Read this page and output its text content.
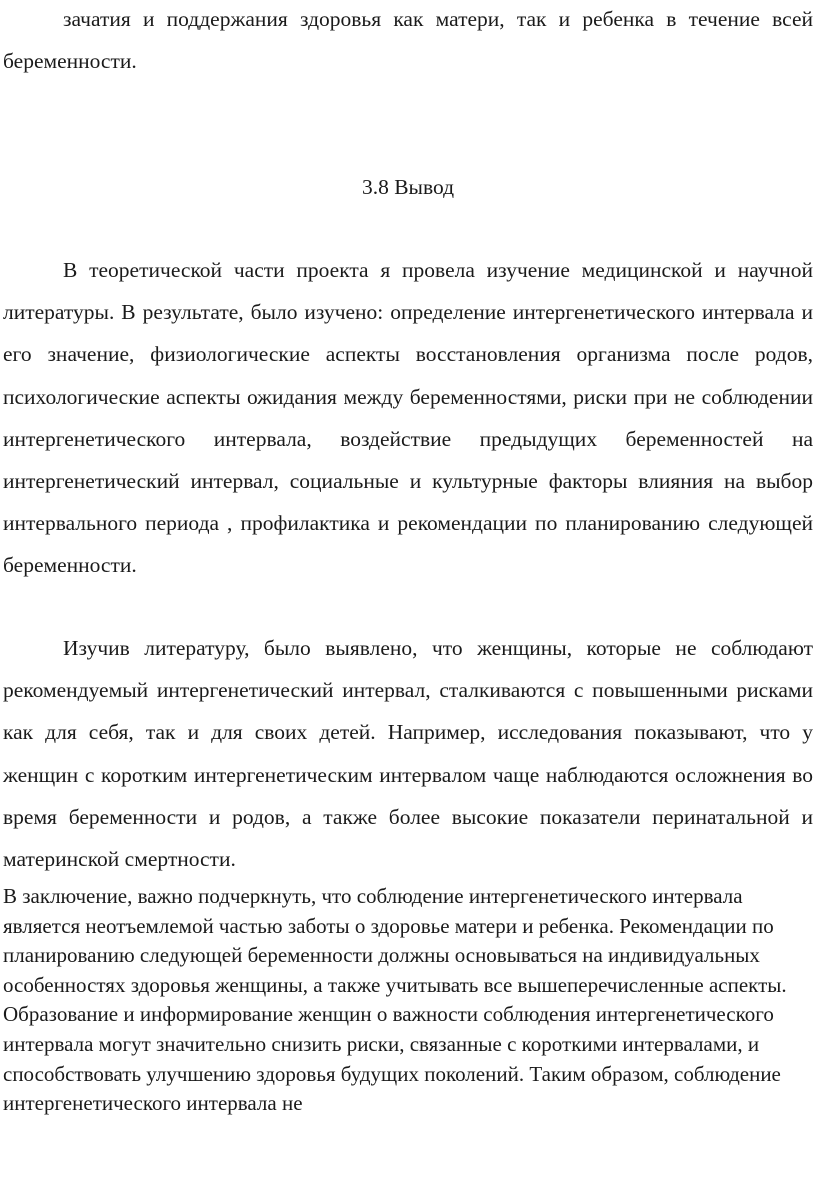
зачатия и поддержания здоровья как матери, так и ребенка в течение всей беременности.

3.8 Вывод

В теоретической части проекта я провела изучение медицинской и научной литературы. В результате, было изучено: определение интергенетического интервала и его значение, физиологические аспекты восстановления организма после родов, психологические аспекты ожидания между беременностями, риски при не соблюдении интергенетического интервала, воздействие предыдущих беременностей на интергенетический интервал, социальные и культурные факторы влияния на выбор интервального периода , профилактика и рекомендации по планированию следующей беременности.

Изучив литературу, было выявлено, что женщины, которые не соблюдают рекомендуемый интергенетический интервал, сталкиваются с повышенными рисками как для себя, так и для своих детей. Например, исследования показывают, что у женщин с коротким интергенетическим интервалом чаще наблюдаются осложнения во время беременности и родов, а также более высокие показатели перинатальной и материнской смертности.

В заключение, важно подчеркнуть, что соблюдение интергенетического интервала является неотъемлемой частью заботы о здоровье матери и ребенка. Рекомендации по планированию следующей беременности должны основываться на индивидуальных особенностях здоровья женщины, а также учитывать все вышеперечисленные аспекты. Образование и информирование женщин о важности соблюдения интергенетического интервала могут значительно снизить риски, связанные с короткими интервалами, и способствовать улучшению здоровья будущих поколений. Таким образом, соблюдение интергенетического интервала не
